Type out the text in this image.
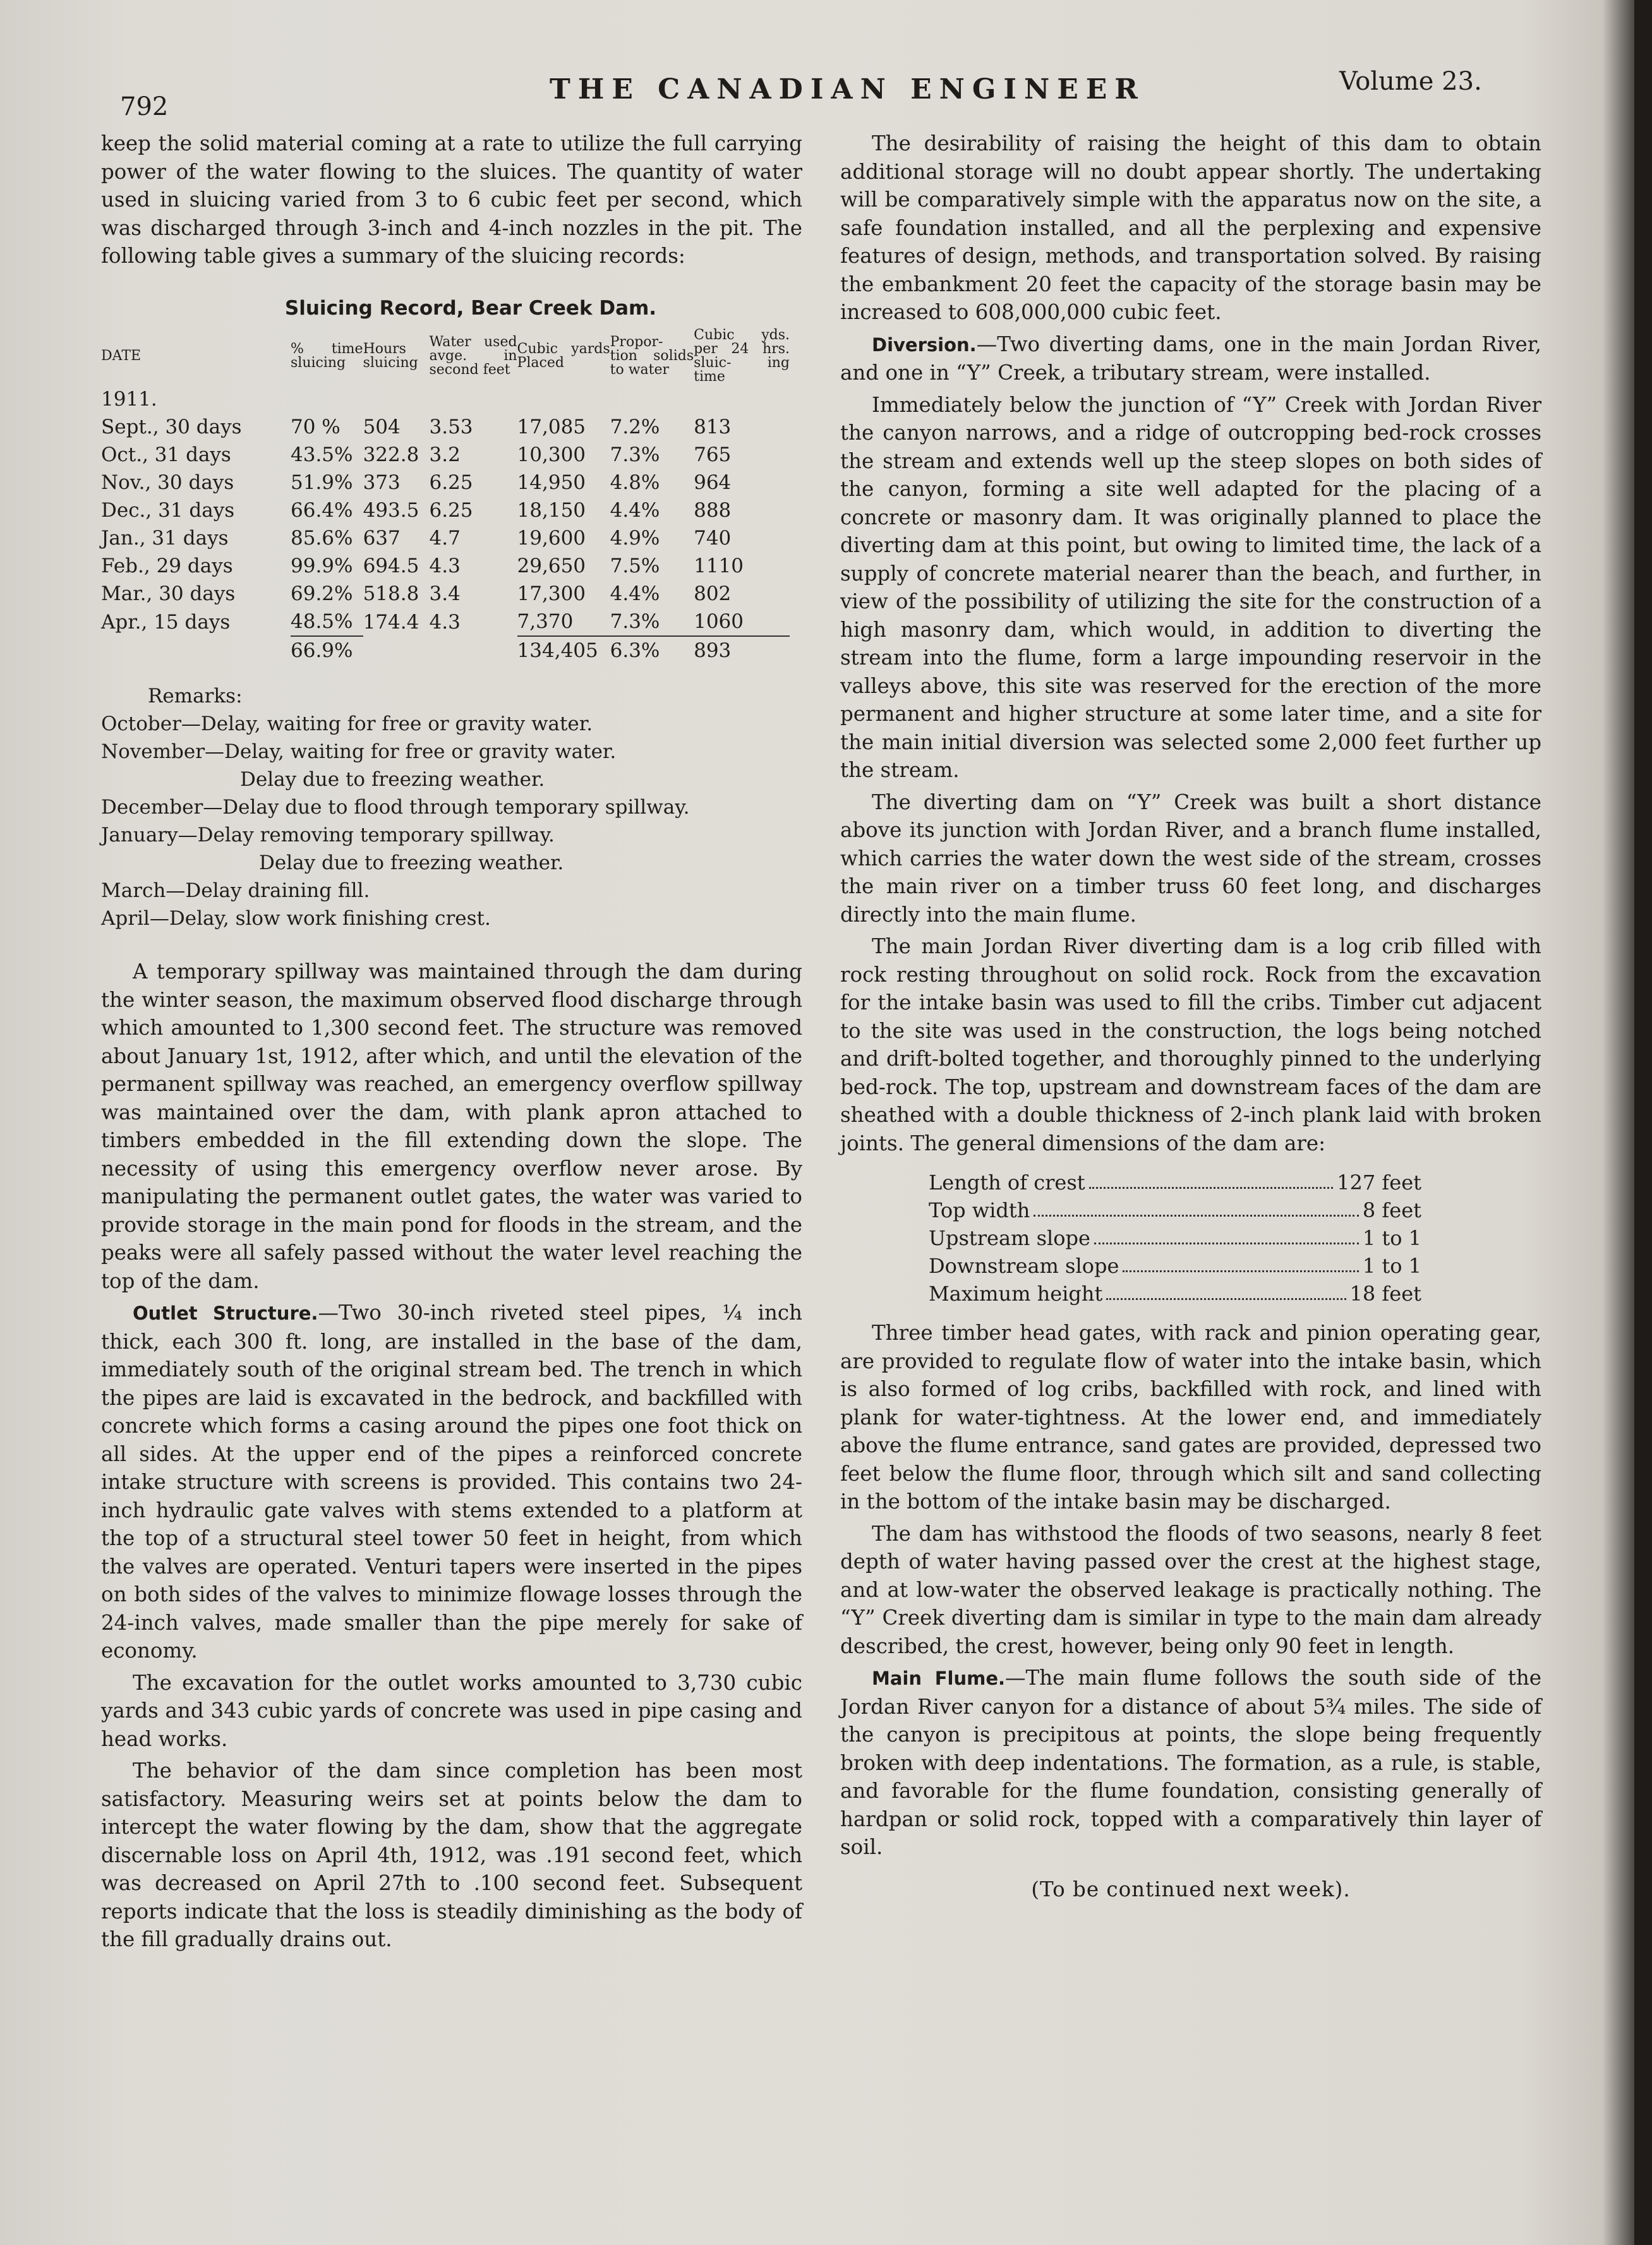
792
THE CANADIAN ENGINEER	Volume 23.

keep the solid material coming at a rate to utilize the full carrying power of the water flowing to the sluices. The quantity of water used in sluicing varied from 3 to 6 cubic feet per second, which was discharged through 3-inch and 4-inch nozzles in the pit. The following table gives a summary of the sluicing records:

Sluicing Record, Bear Creek Dam.
DATE	% time sluicing	Hours sluicing	Water used avge. in second feet	Cubic yards Placed	Propor- tion solids to water	Cubic yds. per 24 hrs. sluic- ing time
1911.						
Sept., 30 days	70 %	504	3.53	17,085	7.2%	813
Oct., 31 days	43.5%	322.8	3.2	10,300	7.3%	765
Nov., 30 days	51.9%	373	6.25	14,950	4.8%	964
Dec., 31 days	66.4%	493.5	6.25	18,150	4.4%	888
Jan., 31 days	85.6%	637	4.7	19,600	4.9%	740
Feb., 29 days	99.9%	694.5	4.3	29,650	7.5%	1110
Mar., 30 days	69.2%	518.8	3.4	17,300	4.4%	802
Apr., 15 days	48.5%	174.4	4.3	7,370	7.3%	1060
	66.9%			134,405	6.3%	893
Remarks:
October—Delay, waiting for free or gravity water.
November—Delay, waiting for free or gravity water.
Delay due to freezing weather.
December—Delay due to flood through temporary spillway.
January—Delay removing temporary spillway.
Delay due to freezing weather.
March—Delay draining fill.
April—Delay, slow work finishing crest.

A temporary spillway was maintained through the dam during the winter season, the maximum observed flood discharge through which amounted to 1,300 second feet. The structure was removed about January 1st, 1912, after which, and until the elevation of the permanent spillway was reached, an emergency overflow spillway was maintained over the dam, with plank apron attached to timbers embedded in the fill extending down the slope. The necessity of using this emergency overflow never arose. By manipulating the permanent outlet gates, the water was varied to provide storage in the main pond for floods in the stream, and the peaks were all safely passed without the water level reaching the top of the dam.

Outlet Structure.—Two 30-inch riveted steel pipes, ¼ inch thick, each 300 ft. long, are installed in the base of the dam, immediately south of the original stream bed. The trench in which the pipes are laid is excavated in the bedrock, and backfilled with concrete which forms a casing around the pipes one foot thick on all sides. At the upper end of the pipes a reinforced concrete intake structure with screens is provided. This contains two 24-inch hydraulic gate valves with stems extended to a platform at the top of a structural steel tower 50 feet in height, from which the valves are operated. Venturi tapers were inserted in the pipes on both sides of the valves to minimize flowage losses through the 24-inch valves, made smaller than the pipe merely for sake of economy.

The excavation for the outlet works amounted to 3,730 cubic yards and 343 cubic yards of concrete was used in pipe casing and head works.

The behavior of the dam since completion has been most satisfactory. Measuring weirs set at points below the dam to intercept the water flowing by the dam, show that the aggregate discernable loss on April 4th, 1912, was .191 second feet, which was decreased on April 27th to .100 second feet. Subsequent reports indicate that the loss is steadily diminishing as the body of the fill gradually drains out.

The desirability of raising the height of this dam to obtain additional storage will no doubt appear shortly. The undertaking will be comparatively simple with the apparatus now on the site, a safe foundation installed, and all the perplexing and expensive features of design, methods, and transportation solved. By raising the embankment 20 feet the capacity of the storage basin may be increased to 608,000,000 cubic feet.

Diversion.—Two diverting dams, one in the main Jordan River, and one in “Y” Creek, a tributary stream, were installed.

Immediately below the junction of “Y” Creek with Jordan River the canyon narrows, and a ridge of outcropping bed-rock crosses the stream and extends well up the steep slopes on both sides of the canyon, forming a site well adapted for the placing of a concrete or masonry dam. It was originally planned to place the diverting dam at this point, but owing to limited time, the lack of a supply of concrete material nearer than the beach, and further, in view of the possibility of utilizing the site for the construction of a high masonry dam, which would, in addition to diverting the stream into the flume, form a large impounding reservoir in the valleys above, this site was reserved for the erection of the more permanent and higher structure at some later time, and a site for the main initial diversion was selected some 2,000 feet further up the stream.

The diverting dam on “Y” Creek was built a short distance above its junction with Jordan River, and a branch flume installed, which carries the water down the west side of the stream, crosses the main river on a timber truss 60 feet long, and discharges directly into the main flume.

The main Jordan River diverting dam is a log crib filled with rock resting throughout on solid rock. Rock from the excavation for the intake basin was used to fill the cribs. Timber cut adjacent to the site was used in the construction, the logs being notched and drift-bolted together, and thoroughly pinned to the underlying bed-rock. The top, upstream and downstream faces of the dam are sheathed with a double thickness of 2-inch plank laid with broken joints. The general dimensions of the dam are:

Length of crest	127 feet
Top width	8 feet
Upstream slope	1 to 1
Downstream slope	1 to 1
Maximum height	18 feet

Three timber head gates, with rack and pinion operating gear, are provided to regulate flow of water into the intake basin, which is also formed of log cribs, backfilled with rock, and lined with plank for water-tightness. At the lower end, and immediately above the flume entrance, sand gates are provided, depressed two feet below the flume floor, through which silt and sand collecting in the bottom of the intake basin may be discharged.

The dam has withstood the floods of two seasons, nearly 8 feet depth of water having passed over the crest at the highest stage, and at low-water the observed leakage is practically nothing. The “Y” Creek diverting dam is similar in type to the main dam already described, the crest, however, being only 90 feet in length.

Main Flume.—The main flume follows the south side of the Jordan River canyon for a distance of about 5¾ miles. The side of the canyon is precipitous at points, the slope being frequently broken with deep indentations. The formation, as a rule, is stable, and favorable for the flume foundation, consisting generally of hardpan or solid rock, topped with a comparatively thin layer of soil.

(To be continued next week).
